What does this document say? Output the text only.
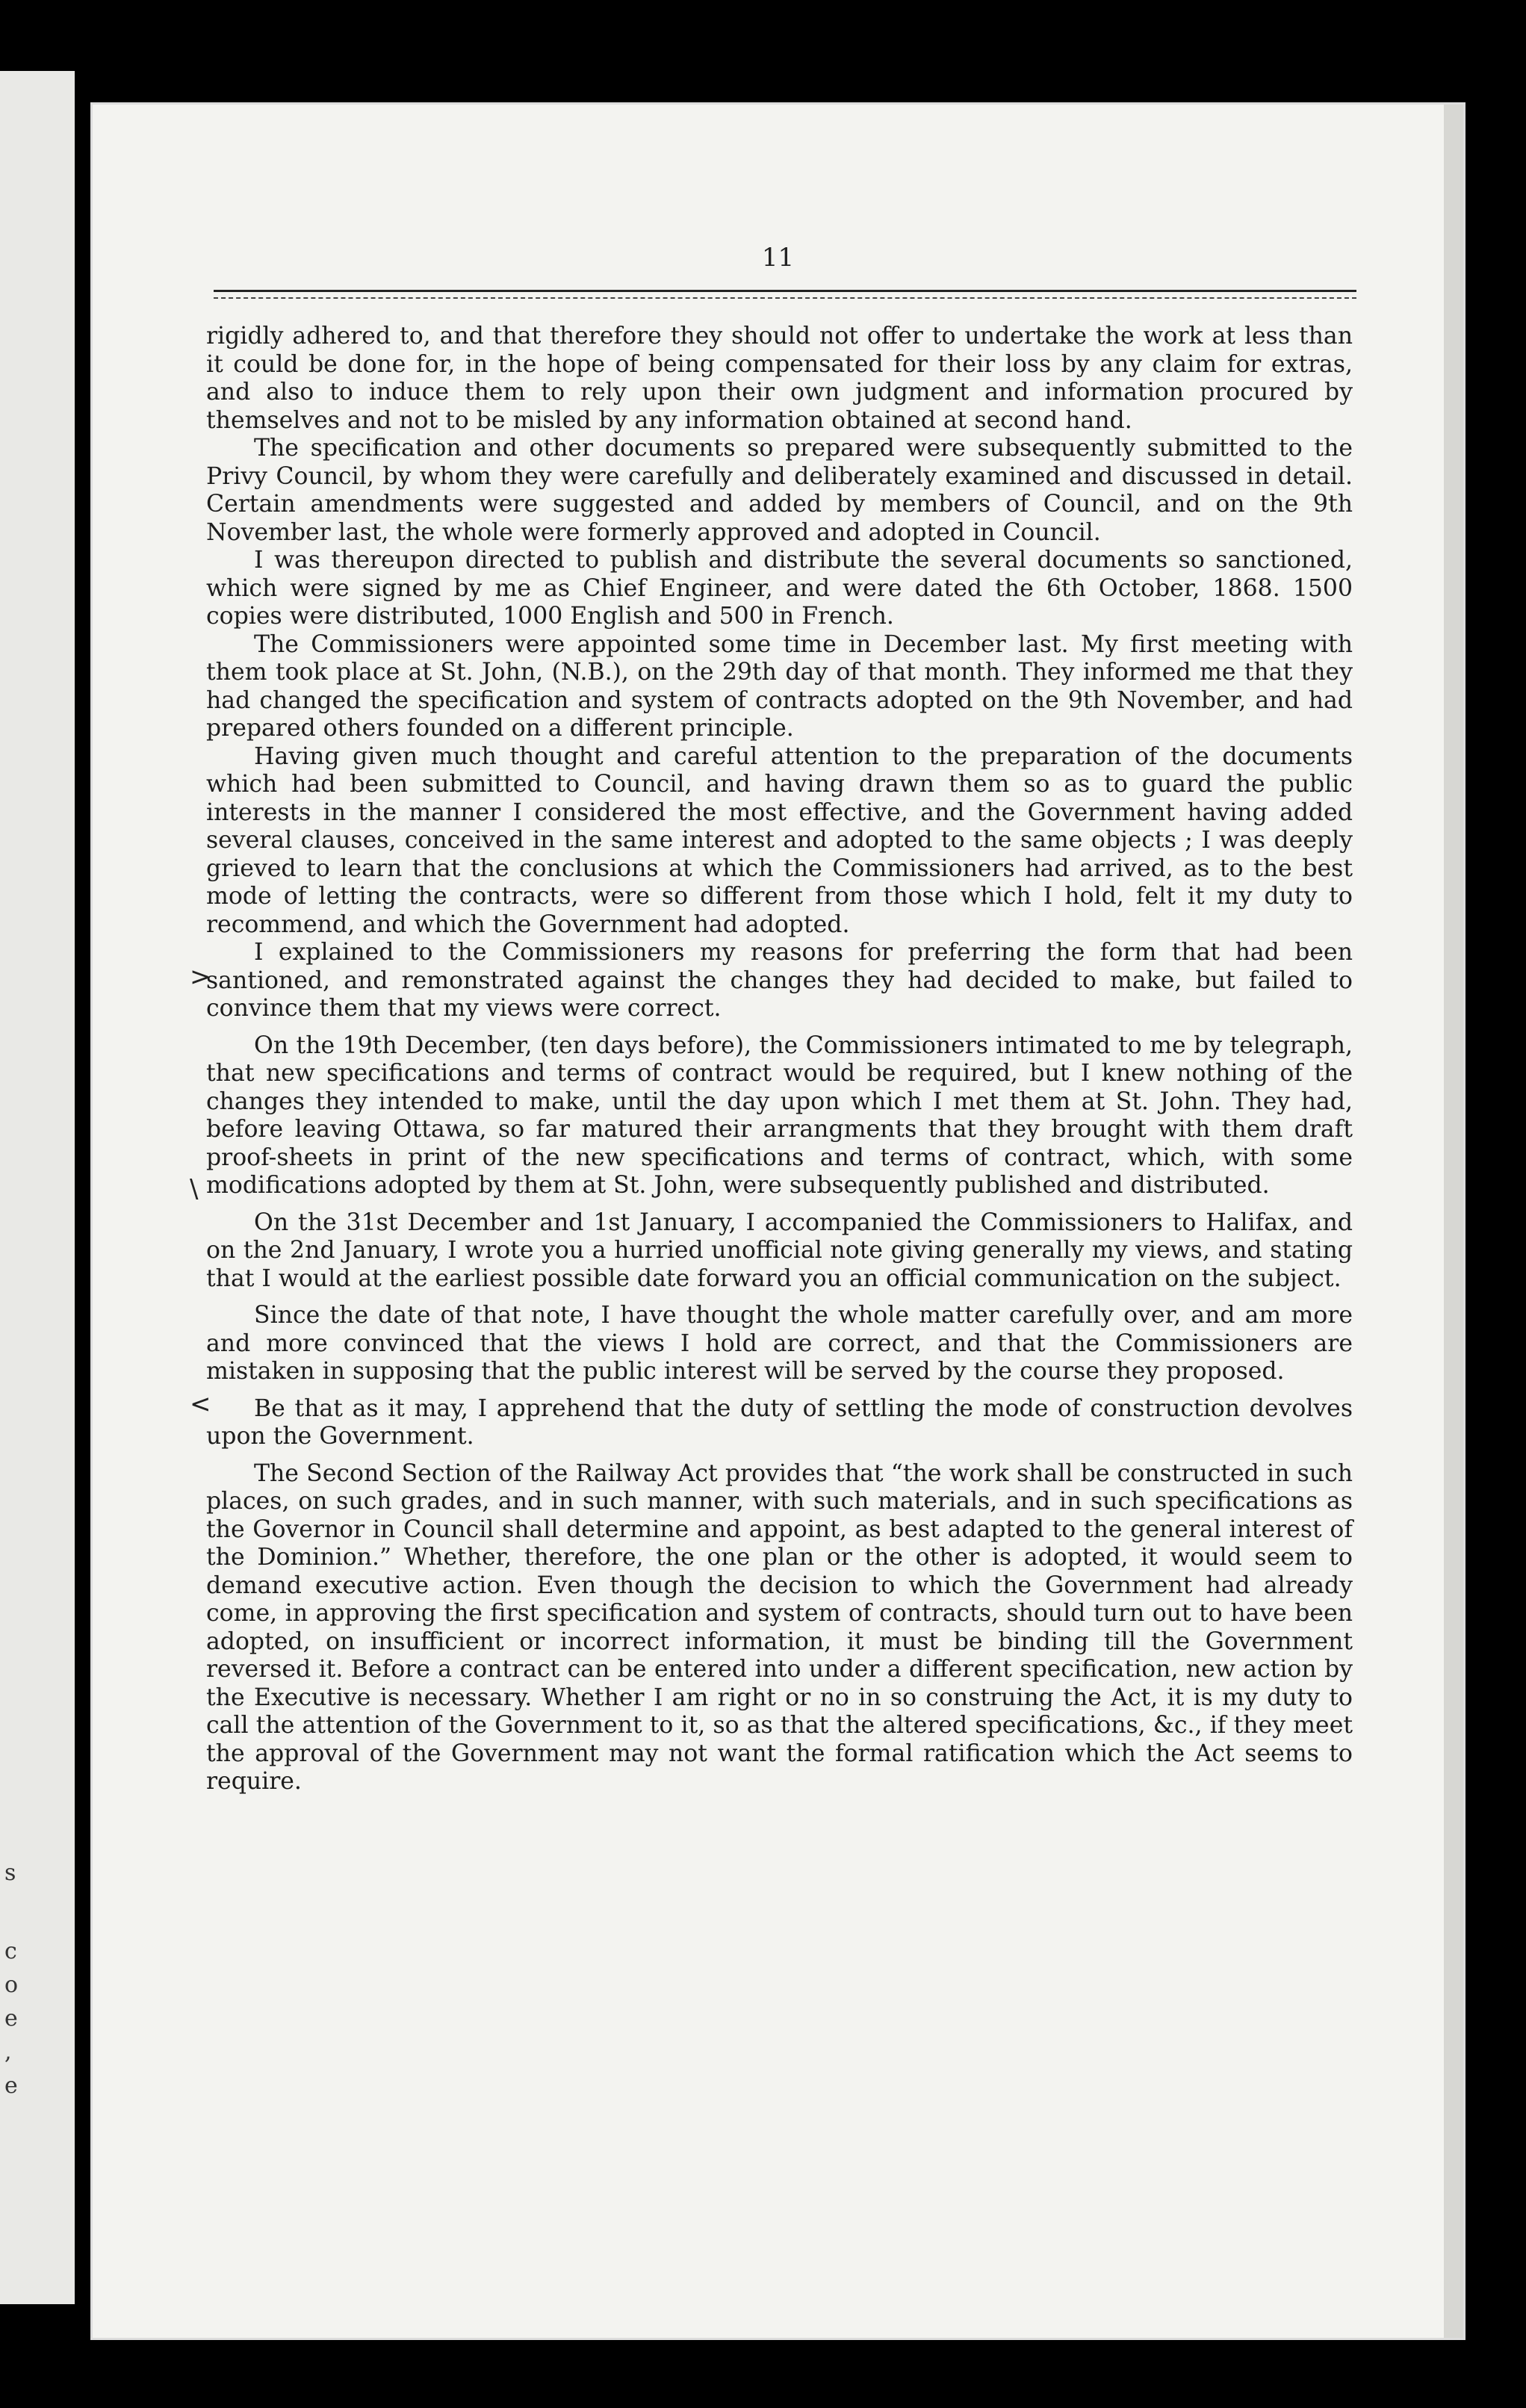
s
c
o
e
,
e
11
>
\
<

rigidly adhered to, and that therefore they should not offer to undertake the work at less than it could be done for, in the hope of being compensated for their loss by any claim for extras, and also to induce them to rely upon their own judgment and information procured by themselves and not to be misled by any information obtained at second hand.

The specification and other documents so prepared were subsequently submitted to the Privy Council, by whom they were carefully and deliberately examined and discussed in detail. Certain amendments were suggested and added by members of Council, and on the 9th November last, the whole were formerly approved and adopted in Council.

I was thereupon directed to publish and distribute the several documents so sanctioned, which were signed by me as Chief Engineer, and were dated the 6th October, 1868. 1500 copies were distributed, 1000 English and 500 in French.

The Commissioners were appointed some time in December last. My first meeting with them took place at St. John, (N.B.), on the 29th day of that month. They informed me that they had changed the specification and system of contracts adopted on the 9th November, and had prepared others founded on a different principle.

Having given much thought and careful attention to the preparation of the documents which had been submitted to Council, and having drawn them so as to guard the public interests in the manner I considered the most effective, and the Government having added several clauses, conceived in the same interest and adopted to the same objects ; I was deeply grieved to learn that the conclusions at which the Commissioners had arrived, as to the best mode of letting the contracts, were so different from those which I hold, felt it my duty to recommend, and which the Government had adopted.

I explained to the Commissioners my reasons for preferring the form that had been santioned, and remonstrated against the changes they had decided to make, but failed to convince them that my views were correct.

On the 19th December, (ten days before), the Commissioners intimated to me by telegraph, that new specifications and terms of contract would be required, but I knew nothing of the changes they intended to make, until the day upon which I met them at St. John. They had, before leaving Ottawa, so far matured their arrangments that they brought with them draft proof-sheets in print of the new specifications and terms of contract, which, with some modifications adopted by them at St. John, were subsequently published and distributed.

On the 31st December and 1st January, I accompanied the Commissioners to Halifax, and on the 2nd January, I wrote you a hurried unofficial note giving generally my views, and stating that I would at the earliest possible date forward you an official communication on the subject.

Since the date of that note, I have thought the whole matter carefully over, and am more and more convinced that the views I hold are correct, and that the Commissioners are mistaken in supposing that the public interest will be served by the course they proposed.

Be that as it may, I apprehend that the duty of settling the mode of construction devolves upon the Government.

The Second Section of the Railway Act provides that “the work shall be constructed in such places, on such grades, and in such manner, with such materials, and in such specifications as the Governor in Council shall determine and appoint, as best adapted to the general interest of the Dominion.” Whether, therefore, the one plan or the other is adopted, it would seem to demand executive action. Even though the decision to which the Government had already come, in approving the first specification and system of contracts, should turn out to have been adopted, on insufficient or incorrect information, it must be binding till the Government reversed it. Before a contract can be entered into under a different specification, new action by the Executive is necessary. Whether I am right or no in so construing the Act, it is my duty to call the attention of the Government to it, so as that the altered specifications, &c., if they meet the approval of the Government may not want the formal ratification which the Act seems to require.
